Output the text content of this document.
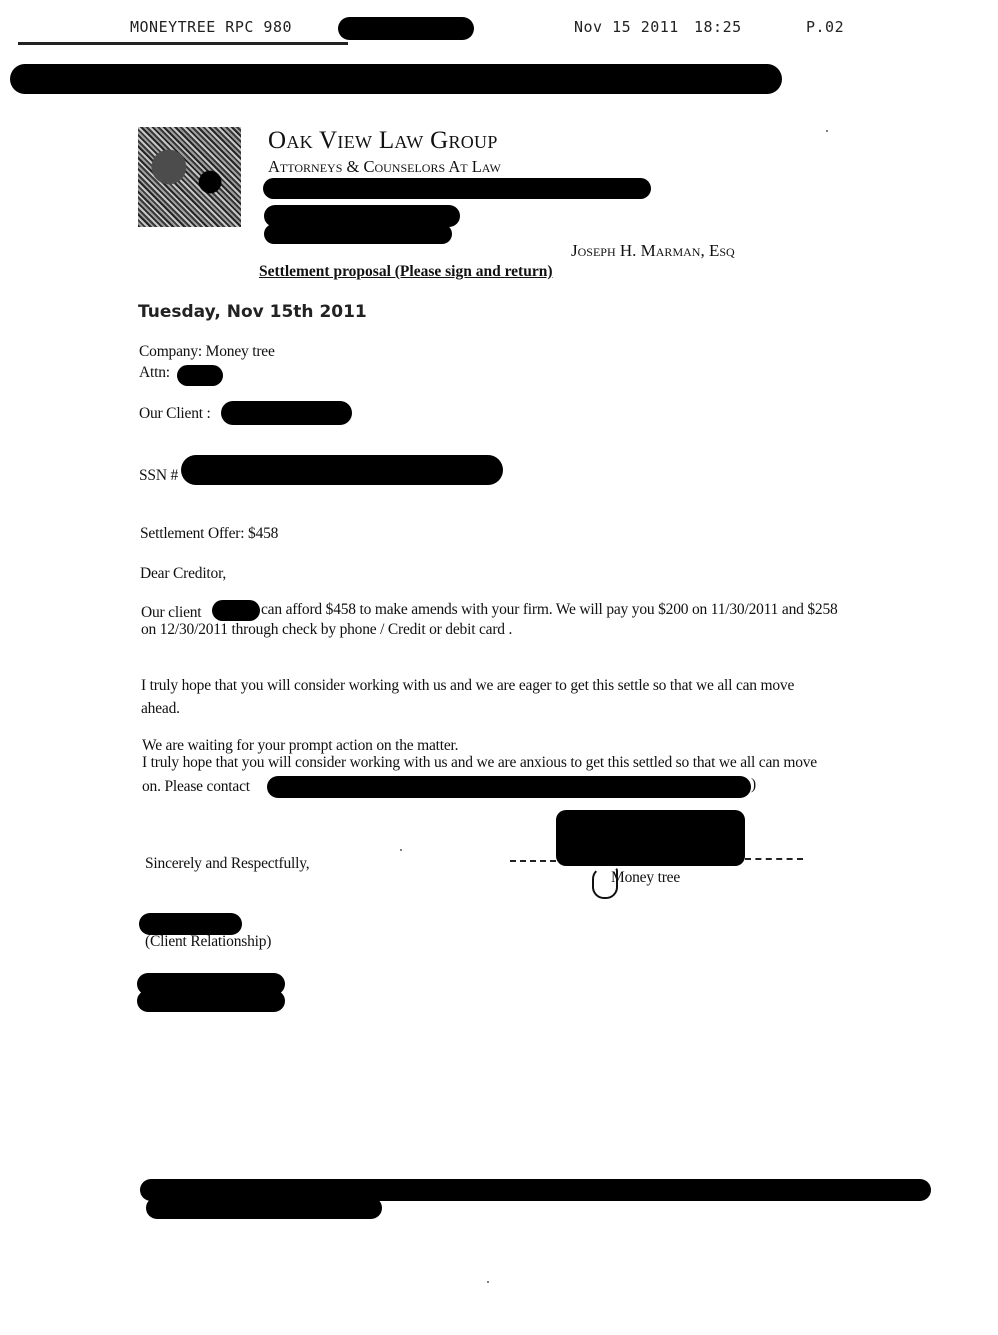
MONEYTREE RPC 980	Nov 15 2011 18:25	P.02
Oak View Law Group
Attorneys & Counselors At Law
Joseph H. Marman, Esq
Settlement proposal (Please sign and return)
Tuesday, Nov 15th 2011
Company: Money tree
Attn:
Our Client :
SSN #
Settlement Offer: $458
Dear Creditor,
Our client	can afford $458 to make amends with your firm. We will pay you $200 on 11/30/2011 and $258
on 12/30/2011 through check by phone / Credit or debit card .
I truly hope that you will consider working with us and we are eager to get this settle so that we all can move
ahead.
We are waiting for your prompt action on the matter.
I truly hope that you will consider working with us and we are anxious to get this settled so that we all can move
on. Please contact	)
Sincerely and Respectfully,
Money tree
(Client Relationship)
